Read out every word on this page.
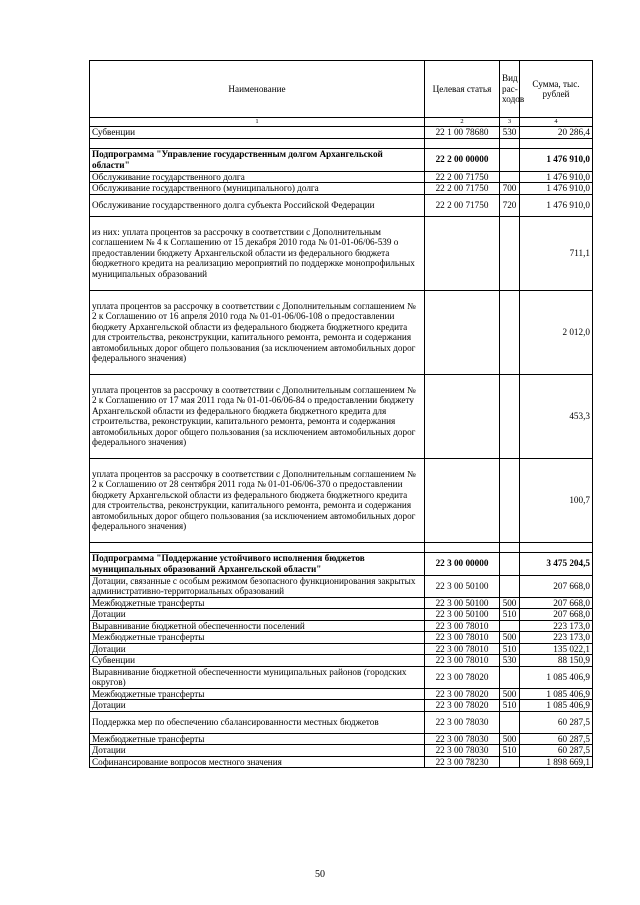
Наименование	Целевая статья	Вид рас-ходов	Сумма, тыс. рублей
1	2	3	4
Субвенции	22 1 00 78680	530	20 286,4

Подпрограмма "Управление государственным долгом Архангельской области"	22 2 00 00000		1 476 910,0
Обслуживание государственного долга	22 2 00 71750		1 476 910,0
Обслуживание государственного (муниципального) долга	22 2 00 71750	700	1 476 910,0
Обслуживание государственного долга субъекта Российской Федерации	22 2 00 71750	720	1 476 910,0
из них: уплата процентов за рассрочку в соответствии с Дополнительным соглашением № 4 к Соглашению от 15 декабря 2010 года № 01-01-06/06-539 о предоставлении бюджету Архангельской области из федерального бюджета бюджетного кредита на реализацию мероприятий по поддержке монопрофильных муниципальных образований			711,1
уплата процентов за рассрочку в соответствии с Дополнительным соглашением № 2 к Соглашению от 16 апреля 2010 года № 01-01-06/06-108 о предоставлении бюджету Архангельской области из федерального бюджета бюджетного кредита для строительства, реконструкции, капитального ремонта, ремонта и содержания автомобильных дорог общего пользования (за исключением автомобильных дорог федерального значения)			2 012,0
уплата процентов за рассрочку в соответствии с Дополнительным соглашением № 2 к Соглашению от 17 мая 2011 года № 01-01-06/06-84 о предоставлении бюджету Архангельской области из федерального бюджета бюджетного кредита для строительства, реконструкции, капитального ремонта, ремонта и содержания автомобильных дорог общего пользования (за исключением автомобильных дорог федерального значения)			453,3
уплата процентов за рассрочку в соответствии с Дополнительным соглашением № 2 к Соглашению от 28 сентября 2011 года № 01-01-06/06-370 о предоставлении бюджету Архангельской области из федерального бюджета бюджетного кредита для строительства, реконструкции, капитального ремонта, ремонта и содержания автомобильных дорог общего пользования (за исключением автомобильных дорог федерального значения)			100,7

Подпрограмма "Поддержание устойчивого исполнения бюджетов муниципальных образований Архангельской области"	22 3 00 00000		3 475 204,5
Дотации, связанные с особым режимом безопасного функционирования закрытых административно-территориальных образований	22 3 00 50100		207 668,0
Межбюджетные трансферты	22 3 00 50100	500	207 668,0
Дотации	22 3 00 50100	510	207 668,0
Выравнивание бюджетной обеспеченности поселений	22 3 00 78010		223 173,0
Межбюджетные трансферты	22 3 00 78010	500	223 173,0
Дотации	22 3 00 78010	510	135 022,1
Субвенции	22 3 00 78010	530	88 150,9
Выравнивание бюджетной обеспеченности муниципальных районов (городских округов)	22 3 00 78020		1 085 406,9
Межбюджетные трансферты	22 3 00 78020	500	1 085 406,9
Дотации	22 3 00 78020	510	1 085 406,9
Поддержка мер по обеспечению сбалансированности местных бюджетов	22 3 00 78030		60 287,5
Межбюджетные трансферты	22 3 00 78030	500	60 287,5
Дотации	22 3 00 78030	510	60 287,5
Софинансирование вопросов местного значения	22 3 00 78230		1 898 669,1
50
